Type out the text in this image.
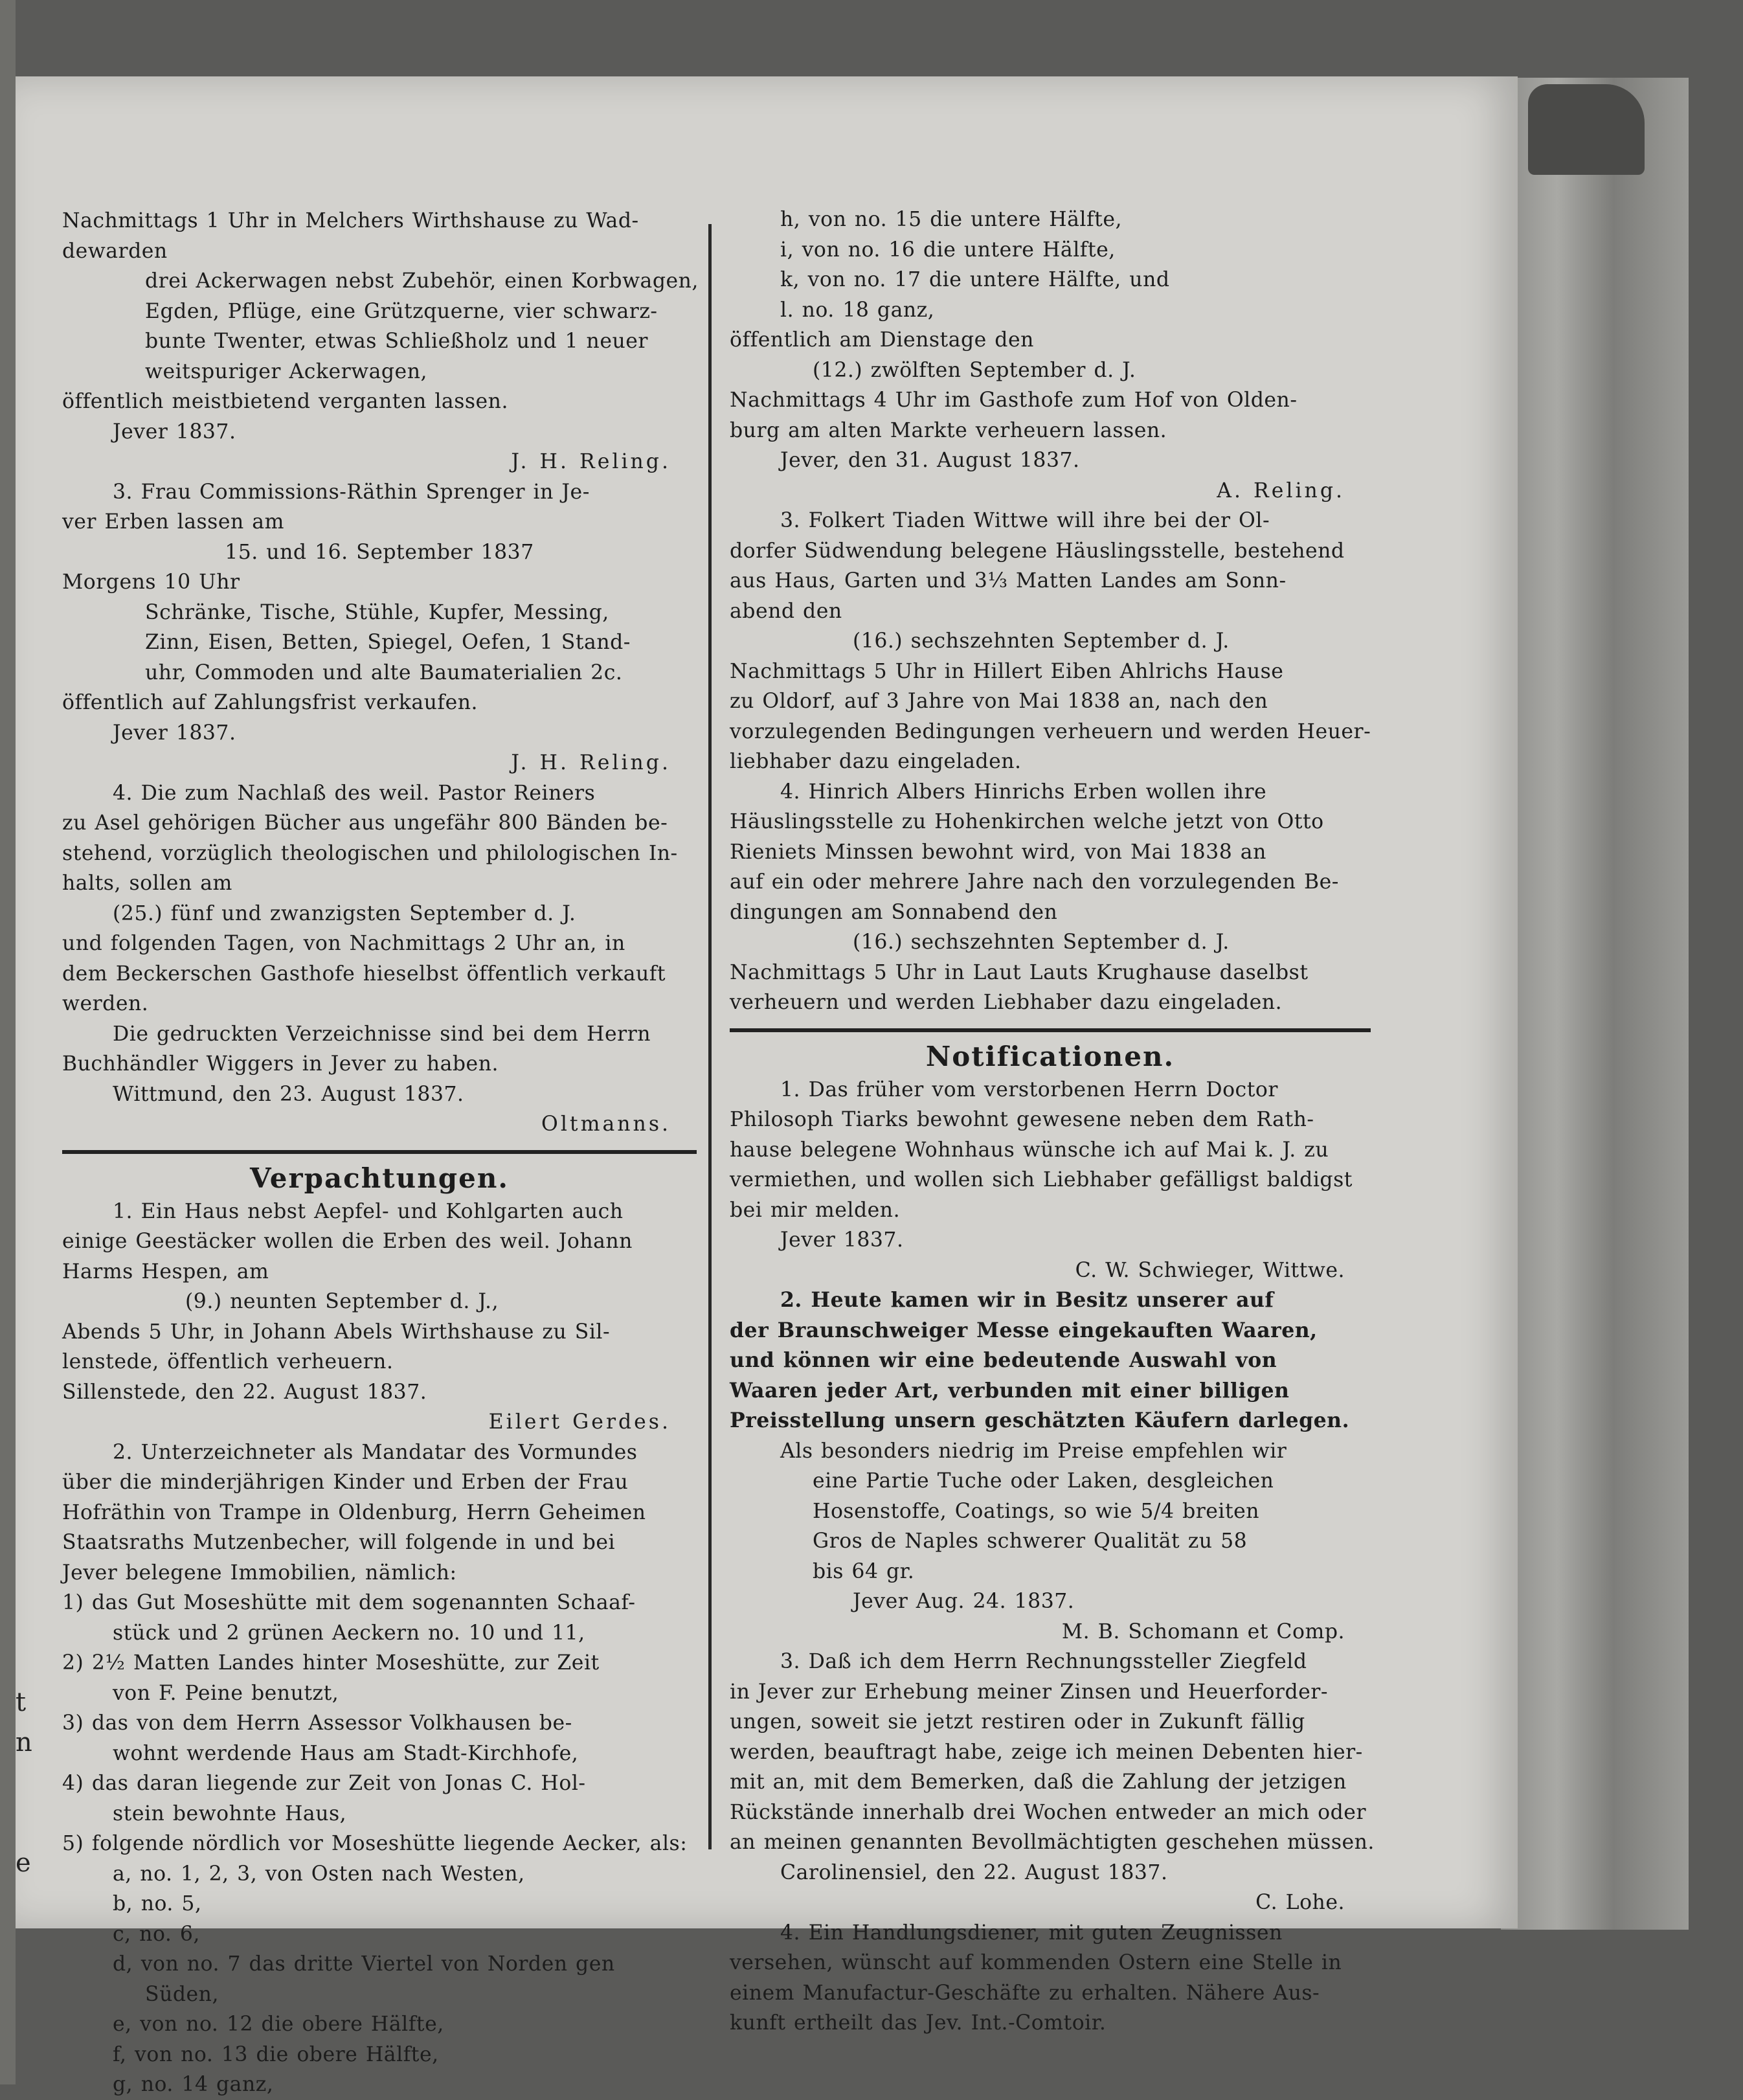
t
n

e
Nachmittags 1 Uhr in Melchers Wirthshause zu Wad-
dewarden
drei Ackerwagen nebst Zubehör, einen Korbwagen,
Egden, Pflüge, eine Grützquerne, vier schwarz-
bunte Twenter, etwas Schließholz und 1 neuer
weitspuriger Ackerwagen,
öffentlich meistbietend verganten lassen.
Jever 1837.
J. H. Reling.
3. Frau Commissions-Räthin Sprenger in Je-
ver Erben lassen am
15. und 16. September 1837
Morgens 10 Uhr
Schränke, Tische, Stühle, Kupfer, Messing,
Zinn, Eisen, Betten, Spiegel, Oefen, 1 Stand-
uhr, Commoden und alte Baumaterialien 2c.
öffentlich auf Zahlungsfrist verkaufen.
Jever 1837.
J. H. Reling.
4. Die zum Nachlaß des weil. Pastor Reiners
zu Asel gehörigen Bücher aus ungefähr 800 Bänden be-
stehend, vorzüglich theologischen und philologischen In-
halts, sollen am
(25.) fünf und zwanzigsten September d. J.
und folgenden Tagen, von Nachmittags 2 Uhr an, in
dem Beckerschen Gasthofe hieselbst öffentlich verkauft
werden.
Die gedruckten Verzeichnisse sind bei dem Herrn
Buchhändler Wiggers in Jever zu haben.
Wittmund, den 23. August 1837.
Oltmanns.
Verpachtungen.
1. Ein Haus nebst Aepfel- und Kohlgarten auch
einige Geestäcker wollen die Erben des weil. Johann
Harms Hespen, am
(9.) neunten September d. J.,
Abends 5 Uhr, in Johann Abels Wirthshause zu Sil-
lenstede, öffentlich verheuern.
Sillenstede, den 22. August 1837.
Eilert Gerdes.
2. Unterzeichneter als Mandatar des Vormundes
über die minderjährigen Kinder und Erben der Frau
Hofräthin von Trampe in Oldenburg, Herrn Geheimen
Staatsraths Mutzenbecher, will folgende in und bei
Jever belegene Immobilien, nämlich:
1) das Gut Moseshütte mit dem sogenannten Schaaf-
stück und 2 grünen Aeckern no. 10 und 11,
2) 2½ Matten Landes hinter Moseshütte, zur Zeit
von F. Peine benutzt,
3) das von dem Herrn Assessor Volkhausen be-
wohnt werdende Haus am Stadt-Kirchhofe,
4) das daran liegende zur Zeit von Jonas C. Hol-
stein bewohnte Haus,
5) folgende nördlich vor Moseshütte liegende Aecker, als:
a, no. 1, 2, 3, von Osten nach Westen,
b, no. 5,
c, no. 6,
d, von no. 7 das dritte Viertel von Norden gen
Süden,
e, von no. 12 die obere Hälfte,
f, von no. 13 die obere Hälfte,
g, no. 14 ganz,
h, von no. 15 die untere Hälfte,
i, von no. 16 die untere Hälfte,
k, von no. 17 die untere Hälfte, und
l. no. 18 ganz,
öffentlich am Dienstage den
(12.) zwölften September d. J.
Nachmittags 4 Uhr im Gasthofe zum Hof von Olden-
burg am alten Markte verheuern lassen.
Jever, den 31. August 1837.
A. Reling.
3. Folkert Tiaden Wittwe will ihre bei der Ol-
dorfer Südwendung belegene Häuslingsstelle, bestehend
aus Haus, Garten und 3⅓ Matten Landes am Sonn-
abend den
(16.) sechszehnten September d. J.
Nachmittags 5 Uhr in Hillert Eiben Ahlrichs Hause
zu Oldorf, auf 3 Jahre von Mai 1838 an, nach den
vorzulegenden Bedingungen verheuern und werden Heuer-
liebhaber dazu eingeladen.
4. Hinrich Albers Hinrichs Erben wollen ihre
Häuslingsstelle zu Hohenkirchen welche jetzt von Otto
Rieniets Minssen bewohnt wird, von Mai 1838 an
auf ein oder mehrere Jahre nach den vorzulegenden Be-
dingungen am Sonnabend den
(16.) sechszehnten September d. J.
Nachmittags 5 Uhr in Laut Lauts Krughause daselbst
verheuern und werden Liebhaber dazu eingeladen.
Notificationen.
1. Das früher vom verstorbenen Herrn Doctor
Philosoph Tiarks bewohnt gewesene neben dem Rath-
hause belegene Wohnhaus wünsche ich auf Mai k. J. zu
vermiethen, und wollen sich Liebhaber gefälligst baldigst
bei mir melden.
Jever 1837.
C. W. Schwieger, Wittwe.
2. Heute kamen wir in Besitz unserer auf
der Braunschweiger Messe eingekauften Waaren,
und können wir eine bedeutende Auswahl von
Waaren jeder Art, verbunden mit einer billigen
Preisstellung unsern geschätzten Käufern darlegen.
Als besonders niedrig im Preise empfehlen wir
eine Partie Tuche oder Laken, desgleichen
Hosenstoffe, Coatings, so wie 5/4 breiten
Gros de Naples schwerer Qualität zu 58
bis 64 gr.
Jever Aug. 24. 1837.
M. B. Schomann et Comp.
3. Daß ich dem Herrn Rechnungssteller Ziegfeld
in Jever zur Erhebung meiner Zinsen und Heuerforder-
ungen, soweit sie jetzt restiren oder in Zukunft fällig
werden, beauftragt habe, zeige ich meinen Debenten hier-
mit an, mit dem Bemerken, daß die Zahlung der jetzigen
Rückstände innerhalb drei Wochen entweder an mich oder
an meinen genannten Bevollmächtigten geschehen müssen.
Carolinensiel, den 22. August 1837.
C. Lohe.
4. Ein Handlungsdiener, mit guten Zeugnissen
versehen, wünscht auf kommenden Ostern eine Stelle in
einem Manufactur-Geschäfte zu erhalten. Nähere Aus-
kunft ertheilt das Jev. Int.-Comtoir.
